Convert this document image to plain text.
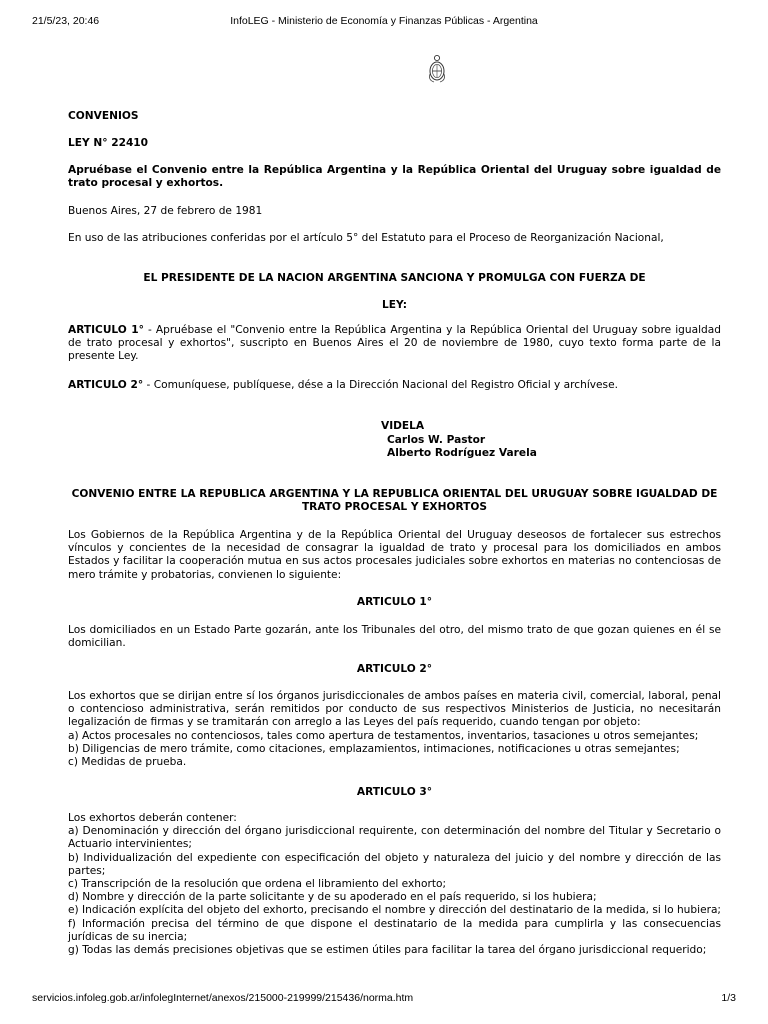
21/5/23, 20:46	InfoLEG - Ministerio de Economía y Finanzas Públicas - Argentina

CONVENIOS

LEY N° 22410

Apruébase el Convenio entre la República Argentina y la República Oriental del Uruguay sobre igualdad de trato procesal y exhortos.

Buenos Aires, 27 de febrero de 1981

En uso de las atribuciones conferidas por el artículo 5° del Estatuto para el Proceso de Reorganización Nacional,

EL PRESIDENTE DE LA NACION ARGENTINA SANCIONA Y PROMULGA CON FUERZA DE

LEY:

ARTICULO 1° - Apruébase el "Convenio entre la República Argentina y la República Oriental del Uruguay sobre igualdad de trato procesal y exhortos", suscripto en Buenos Aires el 20 de noviembre de 1980, cuyo texto forma parte de la presente Ley.

ARTICULO 2° - Comuníquese, publíquese, dése a la Dirección Nacional del Registro Oficial y archívese.

VIDELA
Carlos W. Pastor
Alberto Rodríguez Varela

CONVENIO ENTRE LA REPUBLICA ARGENTINA Y LA REPUBLICA ORIENTAL DEL URUGUAY SOBRE IGUALDAD DE TRATO PROCESAL Y EXHORTOS

Los Gobiernos de la República Argentina y de la República Oriental del Uruguay deseosos de fortalecer sus estrechos vínculos y concientes de la necesidad de consagrar la igualdad de trato y procesal para los domiciliados en ambos Estados y facilitar la cooperación mutua en sus actos procesales judiciales sobre exhortos en materias no contenciosas de mero trámite y probatorias, convienen lo siguiente:

ARTICULO 1°

Los domiciliados en un Estado Parte gozarán, ante los Tribunales del otro, del mismo trato de que gozan quienes en él se domicilian.

ARTICULO 2°

Los exhortos que se dirijan entre sí los órganos jurisdiccionales de ambos países en materia civil, comercial, laboral, penal o contencioso administrativa, serán remitidos por conducto de sus respectivos Ministerios de Justicia, no necesitarán legalización de firmas y se tramitarán con arreglo a las Leyes del país requerido, cuando tengan por objeto:
a) Actos procesales no contenciosos, tales como apertura de testamentos, inventarios, tasaciones u otros semejantes;
b) Diligencias de mero trámite, como citaciones, emplazamientos, intimaciones, notificaciones u otras semejantes;
c) Medidas de prueba.

ARTICULO 3°

Los exhortos deberán contener:
a) Denominación y dirección del órgano jurisdiccional requirente, con determinación del nombre del Titular y Secretario o Actuario intervinientes;
b) Individualización del expediente con especificación del objeto y naturaleza del juicio y del nombre y dirección de las partes;
c) Transcripción de la resolución que ordena el libramiento del exhorto;
d) Nombre y dirección de la parte solicitante y de su apoderado en el país requerido, si los hubiera;
e) Indicación explícita del objeto del exhorto, precisando el nombre y dirección del destinatario de la medida, si lo hubiera;
f) Información precisa del término de que dispone el destinatario de la medida para cumplirla y las consecuencias jurídicas de su inercia;
g) Todas las demás precisiones objetivas que se estimen útiles para facilitar la tarea del órgano jurisdiccional requerido;
servicios.infoleg.gob.ar/infolegInternet/anexos/215000-219999/215436/norma.htm	1/3
